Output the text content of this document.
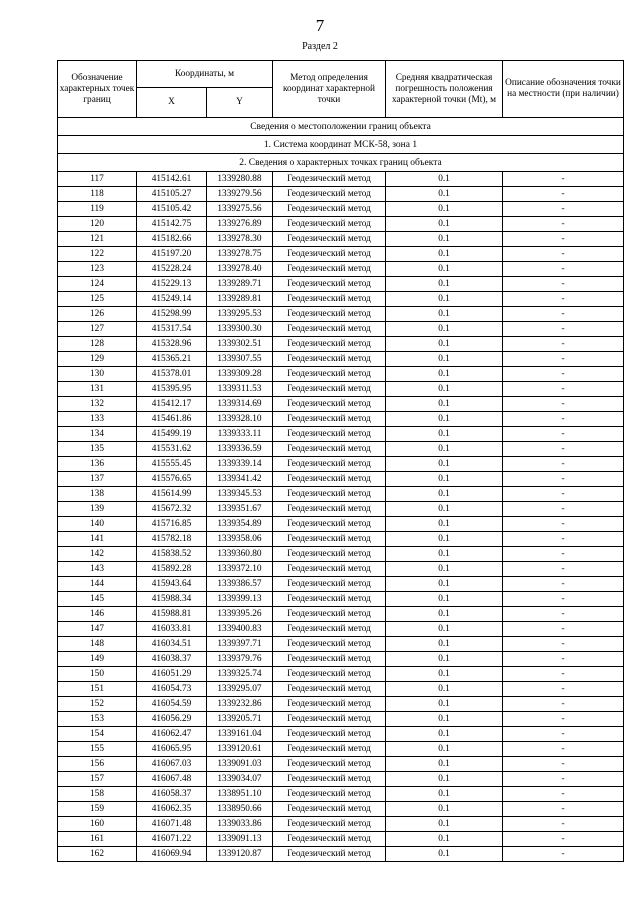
7
Раздел 2
Сведения о местоположении границ объекта					
1. Система координат МСК-58, зона 1					
2. Сведения о характерных точках границ объекта					
Обозначение характерных точек границ	Координаты, м		Метод определения координат характерной точки	Средняя квадратическая погрешность положения характерной точки (Mt), м	Описание обозначения точки на местности (при наличии)
	X	Y			
117	415142.61	1339280.88	Геодезический метод	0.1	-
118	415105.27	1339279.56	Геодезический метод	0.1	-
119	415105.42	1339275.56	Геодезический метод	0.1	-
120	415142.75	1339276.89	Геодезический метод	0.1	-
121	415182.66	1339278.30	Геодезический метод	0.1	-
122	415197.20	1339278.75	Геодезический метод	0.1	-
123	415228.24	1339278.40	Геодезический метод	0.1	-
124	415229.13	1339289.71	Геодезический метод	0.1	-
125	415249.14	1339289.81	Геодезический метод	0.1	-
126	415298.99	1339295.53	Геодезический метод	0.1	-
127	415317.54	1339300.30	Геодезический метод	0.1	-
128	415328.96	1339302.51	Геодезический метод	0.1	-
129	415365.21	1339307.55	Геодезический метод	0.1	-
130	415378.01	1339309.28	Геодезический метод	0.1	-
131	415395.95	1339311.53	Геодезический метод	0.1	-
132	415412.17	1339314.69	Геодезический метод	0.1	-
133	415461.86	1339328.10	Геодезический метод	0.1	-
134	415499.19	1339333.11	Геодезический метод	0.1	-
135	415531.62	1339336.59	Геодезический метод	0.1	-
136	415555.45	1339339.14	Геодезический метод	0.1	-
137	415576.65	1339341.42	Геодезический метод	0.1	-
138	415614.99	1339345.53	Геодезический метод	0.1	-
139	415672.32	1339351.67	Геодезический метод	0.1	-
140	415716.85	1339354.89	Геодезический метод	0.1	-
141	415782.18	1339358.06	Геодезический метод	0.1	-
142	415838.52	1339360.80	Геодезический метод	0.1	-
143	415892.28	1339372.10	Геодезический метод	0.1	-
144	415943.64	1339386.57	Геодезический метод	0.1	-
145	415988.34	1339399.13	Геодезический метод	0.1	-
146	415988.81	1339395.26	Геодезический метод	0.1	-
147	416033.81	1339400.83	Геодезический метод	0.1	-
148	416034.51	1339397.71	Геодезический метод	0.1	-
149	416038.37	1339379.76	Геодезический метод	0.1	-
150	416051.29	1339325.74	Геодезический метод	0.1	-
151	416054.73	1339295.07	Геодезический метод	0.1	-
152	416054.59	1339232.86	Геодезический метод	0.1	-
153	416056.29	1339205.71	Геодезический метод	0.1	-
154	416062.47	1339161.04	Геодезический метод	0.1	-
155	416065.95	1339120.61	Геодезический метод	0.1	-
156	416067.03	1339091.03	Геодезический метод	0.1	-
157	416067.48	1339034.07	Геодезический метод	0.1	-
158	416058.37	1338951.10	Геодезический метод	0.1	-
159	416062.35	1338950.66	Геодезический метод	0.1	-
160	416071.48	1339033.86	Геодезический метод	0.1	-
161	416071.22	1339091.13	Геодезический метод	0.1	-
162	416069.94	1339120.87	Геодезический метод	0.1	-
